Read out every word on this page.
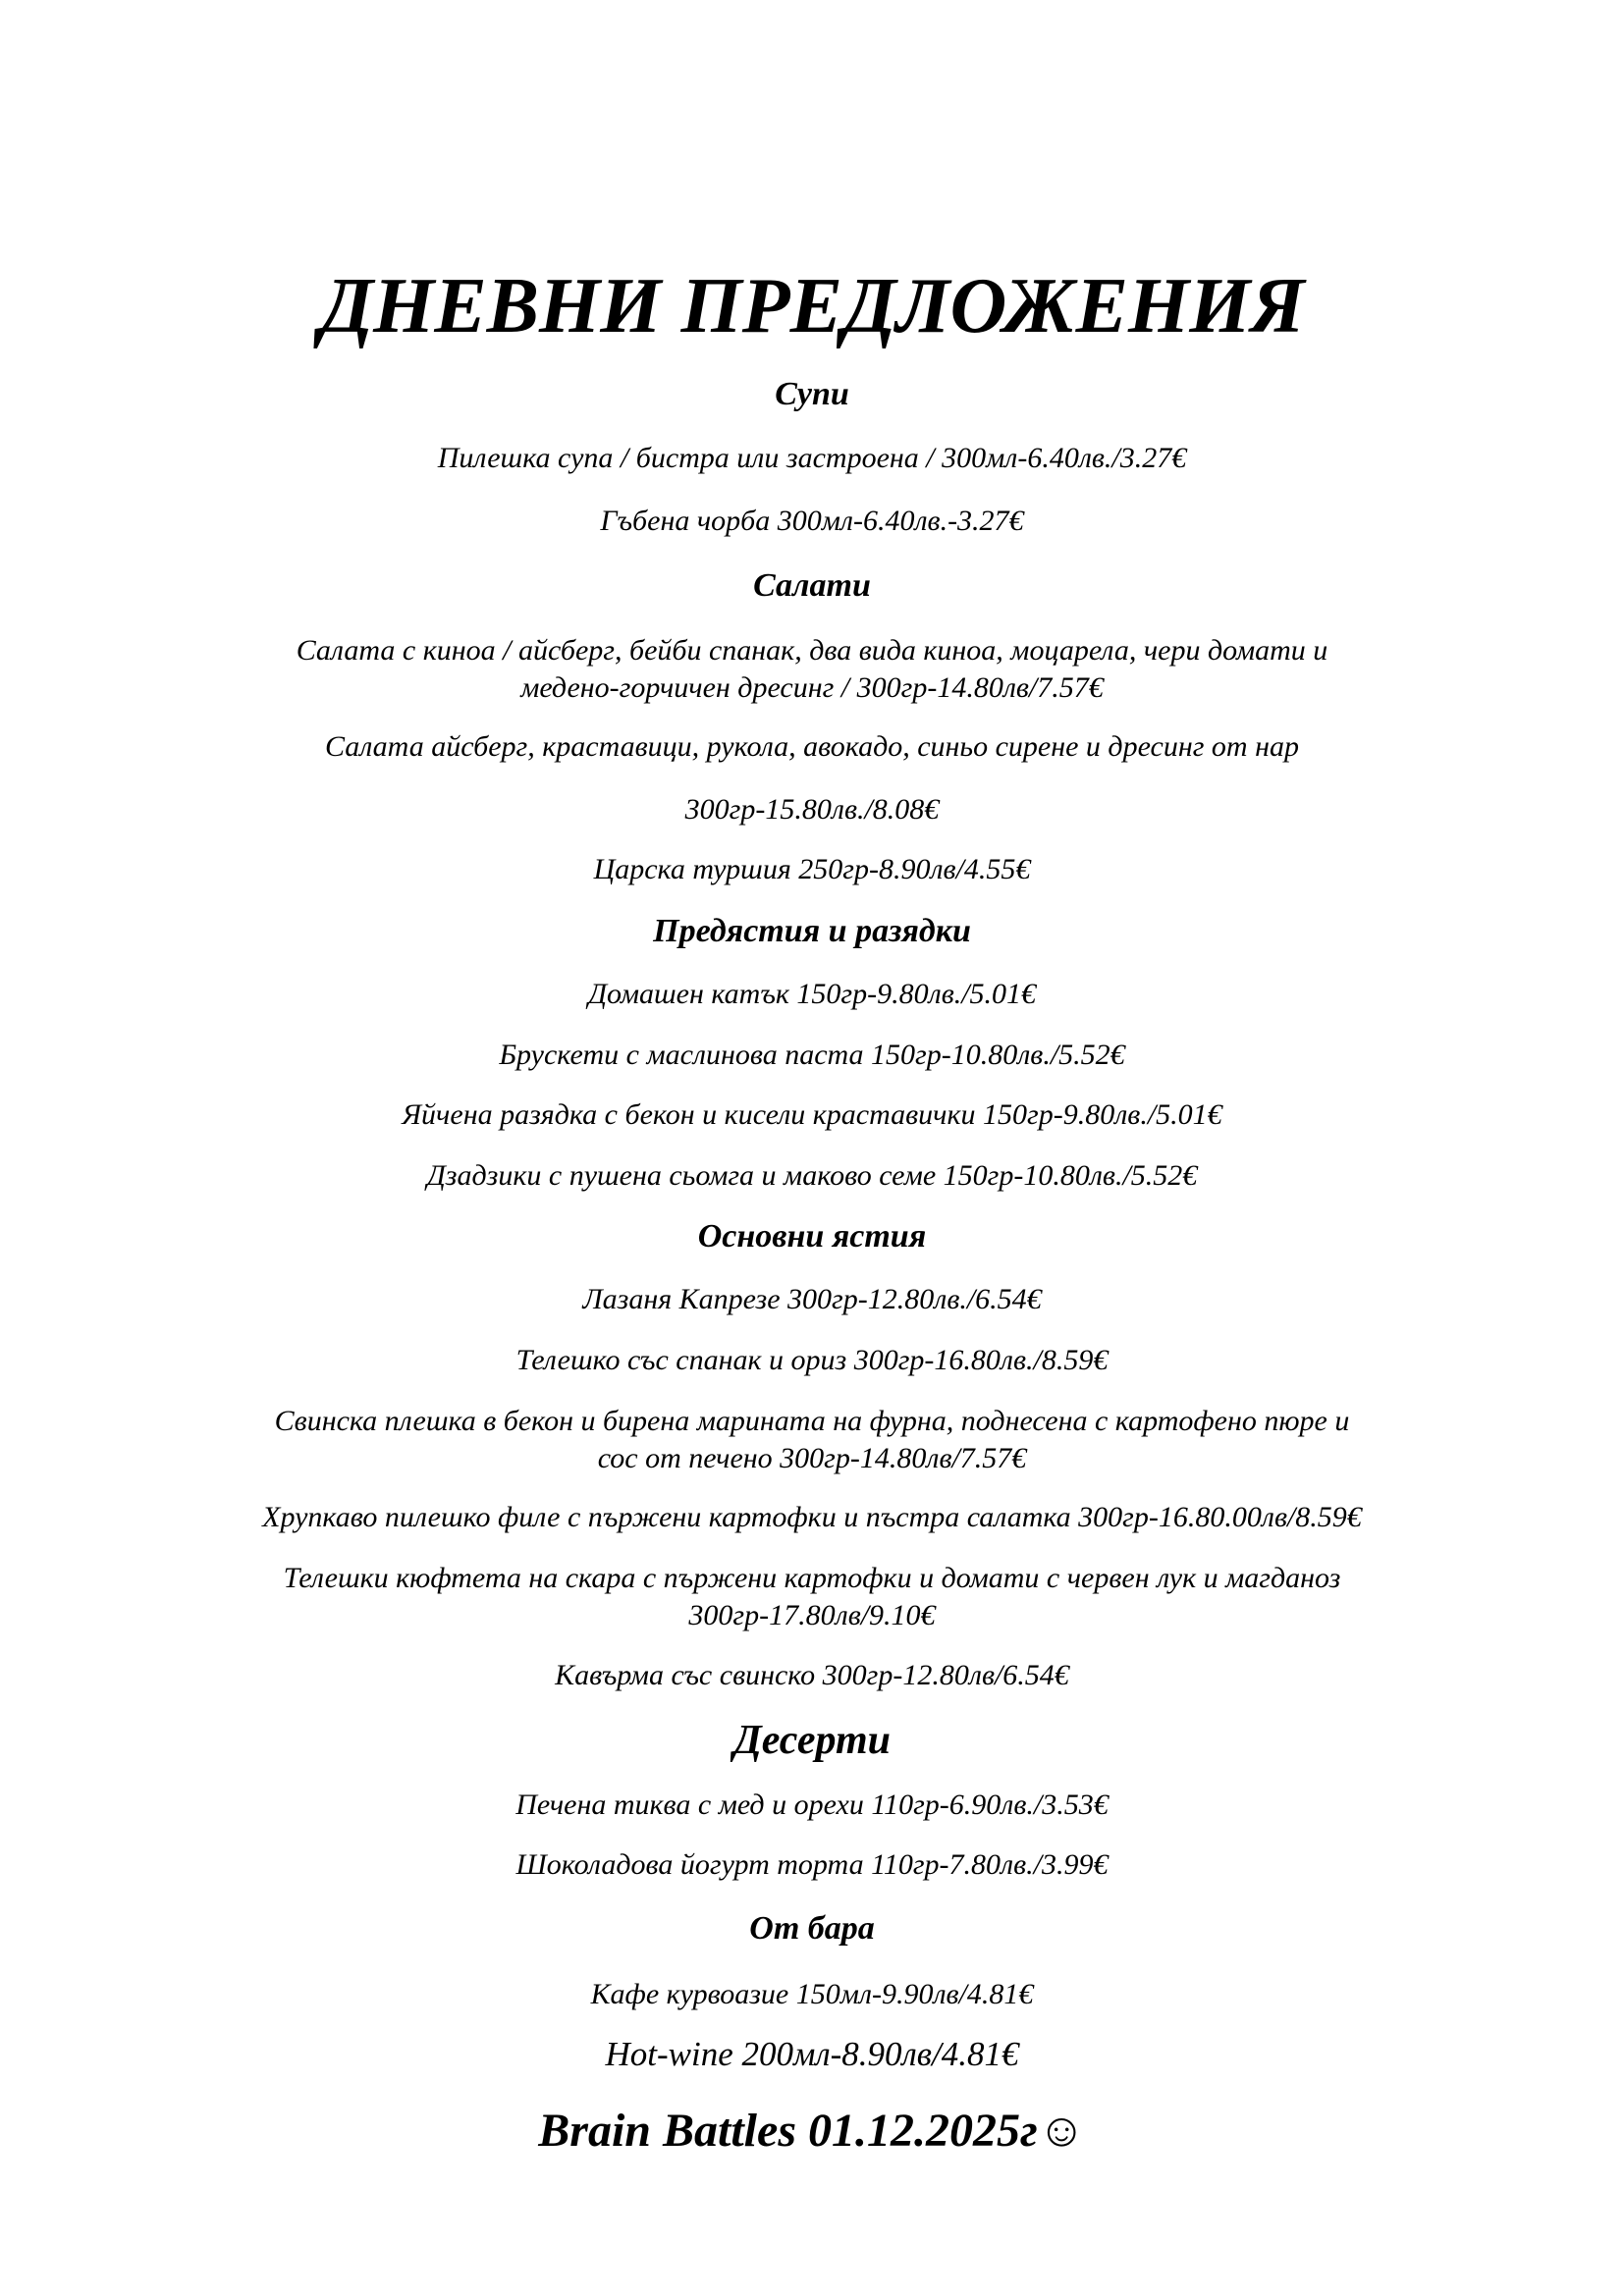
ДНЕВНИ ПРЕДЛОЖЕНИЯ
Супи
Пилешка супа / бистра или застроена / 300мл-6.40лв./3.27€
Гъбена чорба 300мл-6.40лв.-3.27€
Салати
Салата с киноа / айсберг, бейби спанак, два вида киноа, моцарела, чери домати и
медено-горчичен дресинг / 300гр-14.80лв/7.57€
Салата айсберг, краставици, рукола, авокадо, синьо сирене и дресинг от нар
300гр-15.80лв./8.08€
Царска туршия 250гр-8.90лв/4.55€
Предястия и разядки
Домашен катък 150гр-9.80лв./5.01€
Брускети с маслинова паста 150гр-10.80лв./5.52€
Яйчена разядка с бекон и кисели краставички 150гр-9.80лв./5.01€
Дзадзики с пушена сьомга и маково семе 150гр-10.80лв./5.52€
Основни ястия
Лазаня Капрезе 300гр-12.80лв./6.54€
Телешко със спанак и ориз 300гр-16.80лв./8.59€
Свинска плешка в бекон и бирена марината на фурна, поднесена с картофено пюре и
сос от печено 300гр-14.80лв/7.57€
Хрупкаво пилешко филе с пържени картофки и пъстра салатка 300гр-16.80.00лв/8.59€
Телешки кюфтета на скара с пържени картофки и домати с червен лук и магданоз
300гр-17.80лв/9.10€
Кавърма със свинско 300гр-12.80лв/6.54€
Десерти
Печена тиква с мед и орехи 110гр-6.90лв./3.53€
Шоколадова йогурт торта 110гр-7.80лв./3.99€
От бара
Кафе курвоазие 150мл-9.90лв/4.81€
Hot-wine 200мл-8.90лв/4.81€
Brain Battles 01.12.2025г☺
